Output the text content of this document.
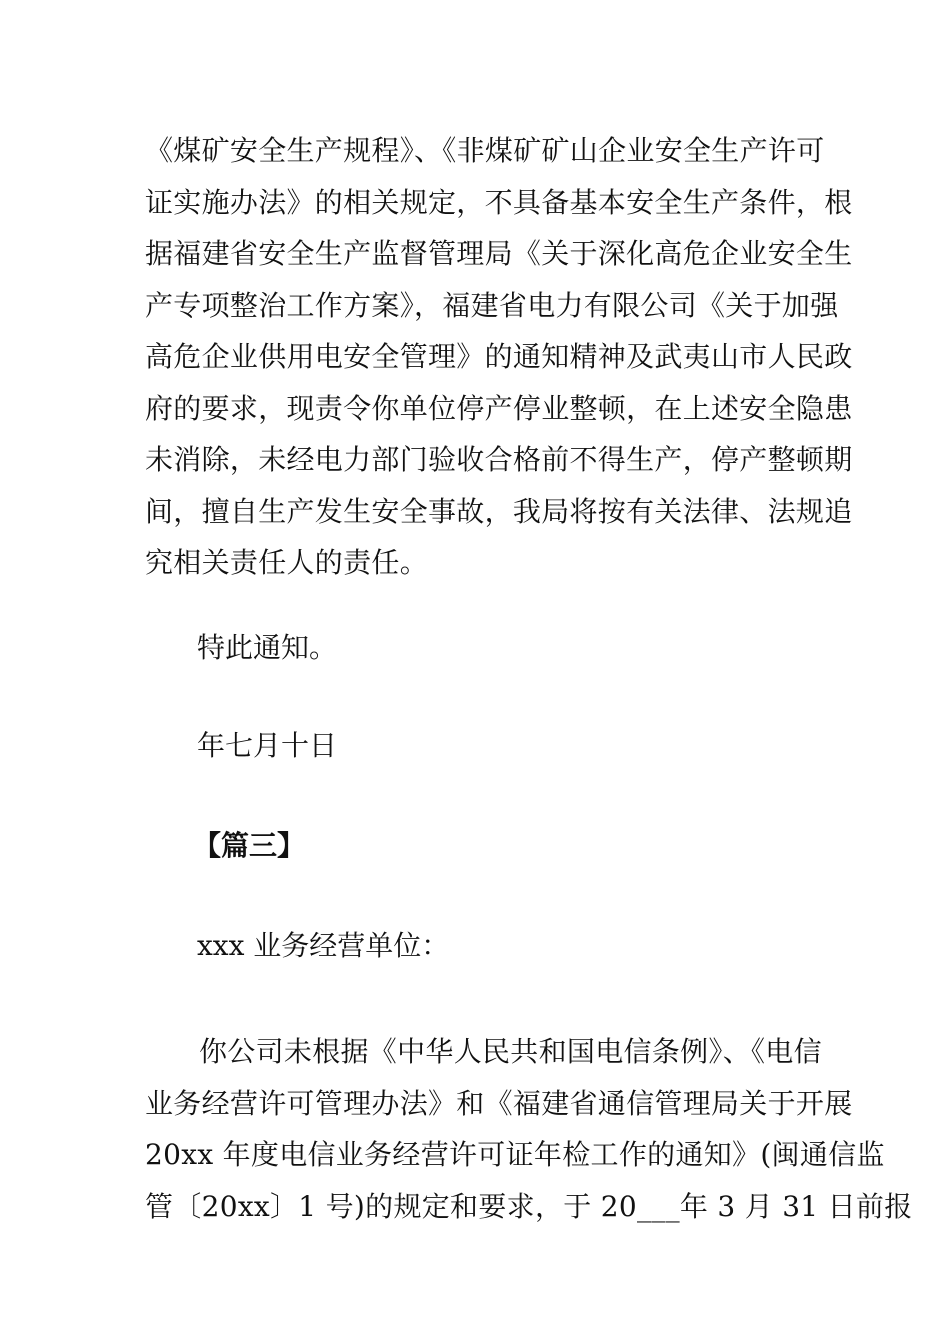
《煤矿安全生产规程》、《非煤矿矿山企业安全生产许可
证实施办法》的相关规定，不具备基本安全生产条件，根
据福建省安全生产监督管理局《关于深化高危企业安全生
产专项整治工作方案》，福建省电力有限公司《关于加强
高危企业供用电安全管理》的通知精神及武夷山市人民政
府的要求，现责令你单位停产停业整顿，在上述安全隐患
未消除，未经电力部门验收合格前不得生产，停产整顿期
间，擅自生产发生安全事故，我局将按有关法律、法规追
究相关责任人的责任。

特此通知。

年七月十日

【篇三】

xxx 业务经营单位：

你公司未根据《中华人民共和国电信条例》、《电信
业务经营许可管理办法》和《福建省通信管理局关于开展
20xx 年度电信业务经营许可证年检工作的通知》(闽通信监
管〔20xx〕1 号)的规定和要求，于 20___年 3 月 31 日前报
